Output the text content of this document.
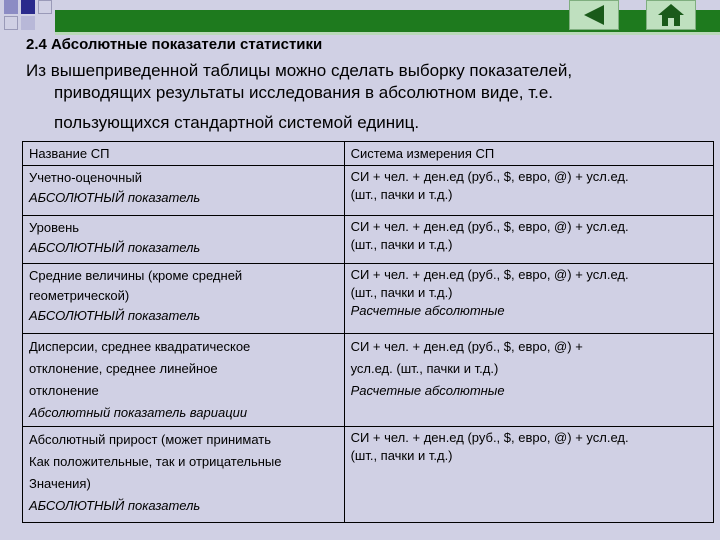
2.4 Абсолютные показатели статистики
Из вышеприведенной таблицы можно сделать выборку показателей,
приводящих результаты исследования в абсолютном виде, т.е.
пользующихся стандартной системой единиц.
Название СП	Система измерения СП

Учетно-оценочный
АБСОЛЮТНЫЙ показатель	СИ + чел. + ден.ед (руб., $, евро, @) + усл.ед.
(шт., пачки и т.д.)

Уровень
АБСОЛЮТНЫЙ показатель	СИ + чел. + ден.ед (руб., $, евро, @) + усл.ед.
(шт., пачки и т.д.)

Средние величины (кроме средней
геометрической)
АБСОЛЮТНЫЙ показатель	СИ + чел. + ден.ед (руб., $, евро, @) + усл.ед.
(шт., пачки и т.д.)
Расчетные абсолютные

Дисперсии, среднее квадратическое
отклонение, среднее линейное
отклонение
Абсолютный показатель вариации	СИ + чел. + ден.ед (руб., $, евро, @) +
усл.ед. (шт., пачки и т.д.)
Расчетные абсолютные

Абсолютный прирост (может принимать
Как положительные, так и отрицательные
Значения)
АБСОЛЮТНЫЙ показатель	СИ + чел. + ден.ед (руб., $, евро, @) + усл.ед.
(шт., пачки и т.д.)
